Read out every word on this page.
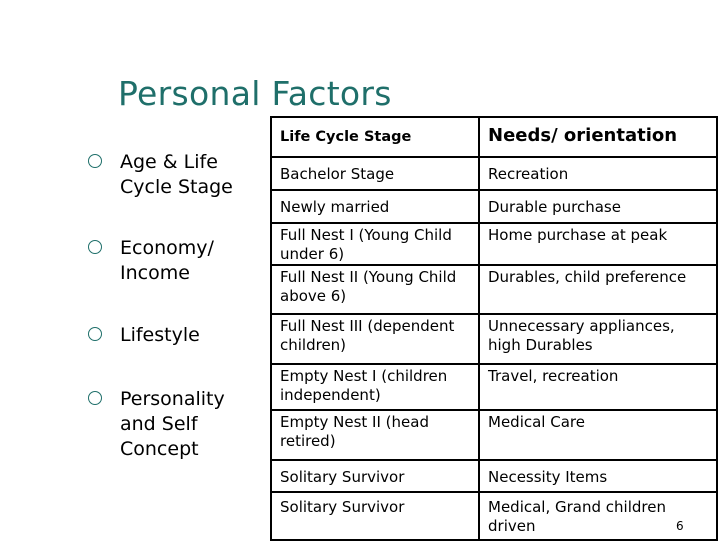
Personal Factors
Age & Life Cycle Stage
Economy/ Income
Lifestyle
Personality and Self Concept
Life Cycle Stage	Needs/ orientation
Bachelor Stage	Recreation
Newly married	Durable purchase
Full Nest I (Young Child under 6)	Home purchase at peak
Full Nest II (Young Child above 6)	Durables, child preference
Full Nest III (dependent children)	Unnecessary appliances, high Durables
Empty Nest I (children independent)	Travel, recreation
Empty Nest II (head retired)	Medical Care
Solitary Survivor	Necessity Items
Solitary Survivor	Medical, Grand children driven	6
